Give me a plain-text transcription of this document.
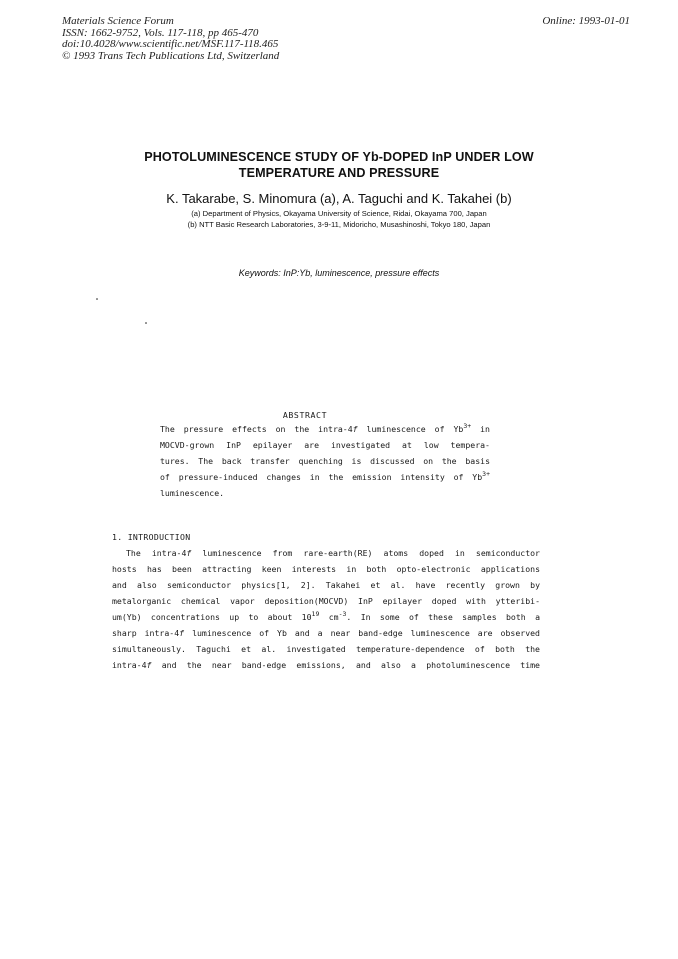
Materials Science Forum
ISSN: 1662-9752, Vols. 117-118, pp 465-470
doi:10.4028/www.scientific.net/MSF.117-118.465
© 1993 Trans Tech Publications Ltd, Switzerland
Online: 1993-01-01
PHOTOLUMINESCENCE STUDY OF Yb-DOPED InP UNDER LOW
TEMPERATURE AND PRESSURE
K. Takarabe, S. Minomura (a), A. Taguchi and K. Takahei (b)
(a) Department of Physics, Okayama University of Science, Ridai, Okayama 700, Japan
(b) NTT Basic Research Laboratories, 3-9-11, Midoricho, Musashinoshi, Tokyo 180, Japan
Keywords: InP:Yb, luminescence, pressure effects
ABSTRACT
The pressure effects on the intra-4f luminescence of $Yb^{3+}$ in
MOCVD-grown InP epilayer are investigated at low tempera-
tures. The back transfer quenching is discussed on the basis
of pressure-induced changes in the emission intensity of $Yb^{3+}$
luminescence.
1. INTRODUCTION
The intra-4f luminescence from rare-earth(RE) atoms doped in semiconductor
hosts has been attracting keen interests in both opto-electronic applications
and also semiconductor physics[1, 2]. Takahei et al. have recently grown by
metalorganic chemical vapor deposition(MOCVD) InP epilayer doped with ytteribi-
um(Yb) concentrations up to about $10^{19}$ $cm^{-3}$. In some of these samples both a
sharp intra-4f luminescence of Yb and a near band-edge luminescence are observed
simultaneously. Taguchi et al. investigated temperature-dependence of both the
intra-4f and the near band-edge emissions, and also a photoluminescence time
